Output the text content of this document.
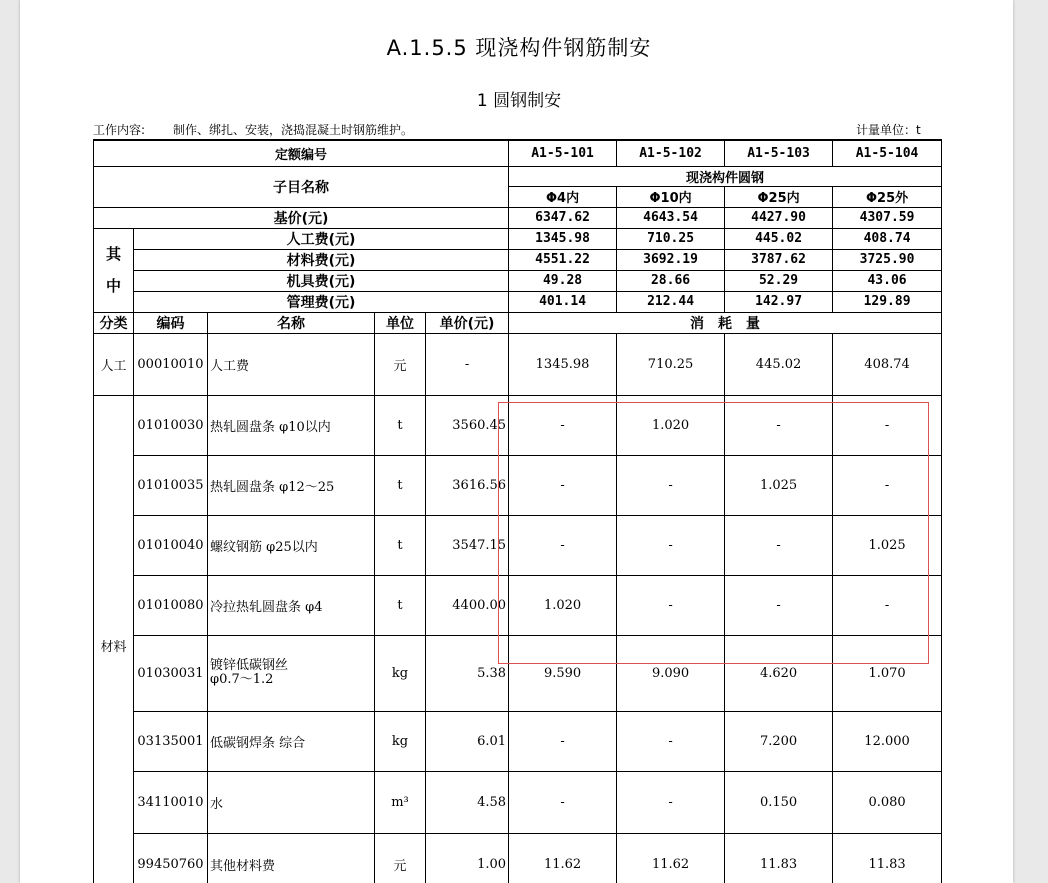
A.1.5.5 现浇构件钢筋制安
1 圆钢制安
工作内容: 制作、绑扎、安装，浇捣混凝土时钢筋维护。	计量单位：t
定额编号					A1-5-101	A1-5-102	A1-5-103	A1-5-104
子目名称					现浇构件圆钢			
					Φ4内	Φ10内	Φ25内	Φ25外
基价(元)					6347.62	4643.54	4427.90	4307.59
其
中	人工费(元)				1345.98	710.25	445.02	408.74
	材料费(元)				4551.22	3692.19	3787.62	3725.90
	机具费(元)				49.28	28.66	52.29	43.06
	管理费(元)				401.14	212.44	142.97	129.89
分类	编码	名称	单位	单价(元)	消　耗　量			
人工	00010010	人工费	元	-	1345.98	710.25	445.02	408.74
材料	01010030	热轧圆盘条 φ10以内	t	3560.45	-	1.020	-	-
	01010035	热轧圆盘条 φ12～25	t	3616.56	-	-	1.025	-
	01010040	螺纹钢筋 φ25以内	t	3547.15	-	-	-	1.025
	01010080	冷拉热轧圆盘条 φ4	t	4400.00	1.020	-	-	-
	01030031	镀锌低碳钢丝
φ0.7～1.2	kg	5.38	9.590	9.090	4.620	1.070
	03135001	低碳钢焊条 综合	kg	6.01	-	-	7.200	12.000
	34110010	水	m³	4.58	-	-	0.150	0.080
	99450760	其他材料费	元	1.00	11.62	11.62	11.83	11.83
